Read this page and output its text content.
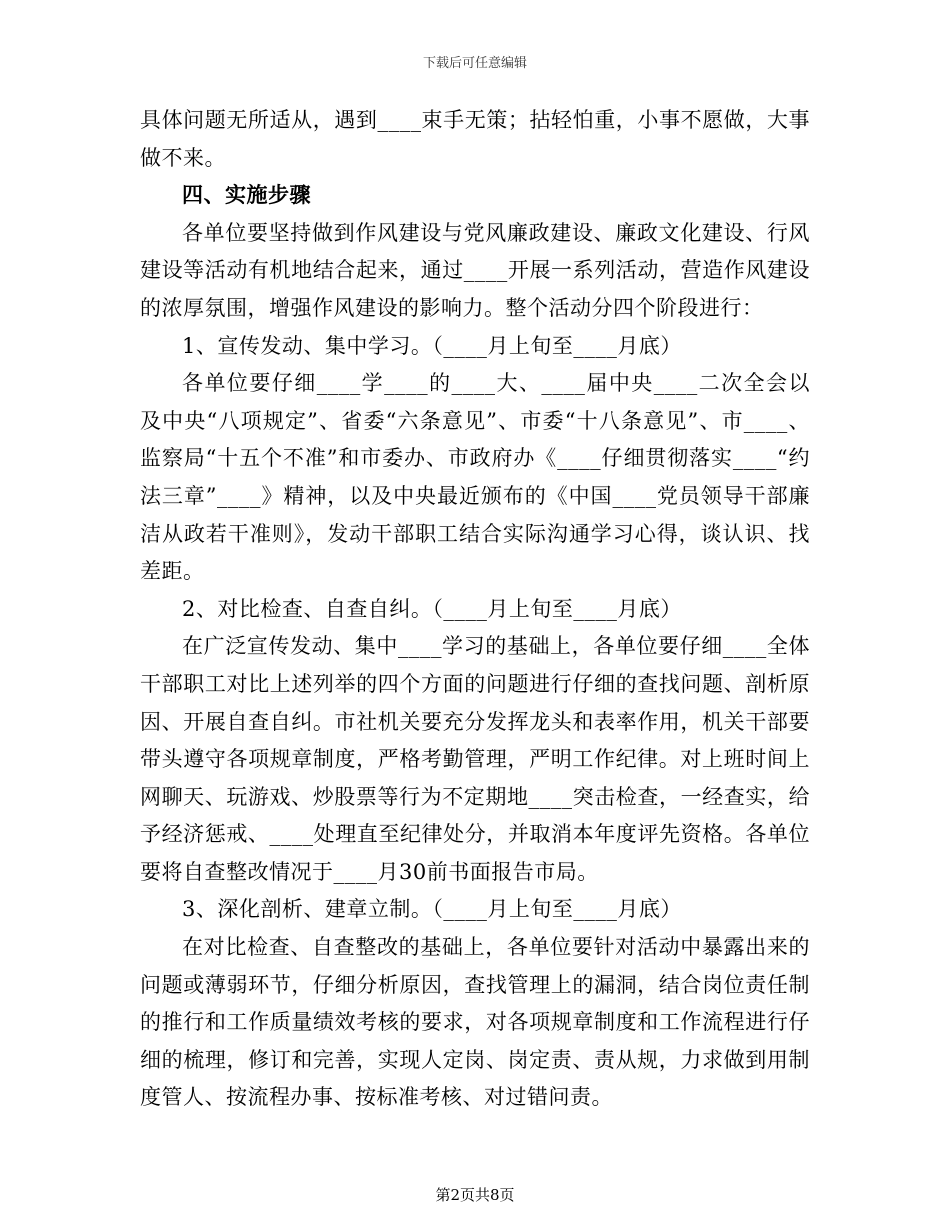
下载后可任意编辑

具体问题无所适从，遇到____束手无策；拈轻怕重，小事不愿做，大事做不来。

四、实施步骤

各单位要坚持做到作风建设与党风廉政建设、廉政文化建设、行风建设等活动有机地结合起来，通过____开展一系列活动，营造作风建设的浓厚氛围，增强作风建设的影响力。整个活动分四个阶段进行：

1、宣传发动、集中学习。（____月上旬至____月底）

各单位要仔细____学____的____大、____届中央____二次全会以及中央“八项规定”、省委“六条意见”、市委“十八条意见”、市____、监察局“十五个不准”和市委办、市政府办《____仔细贯彻落实____“约法三章”____》精神，以及中央最近颁布的《中国____党员领导干部廉洁从政若干准则》，发动干部职工结合实际沟通学习心得，谈认识、找差距。

2、对比检查、自查自纠。（____月上旬至____月底）

在广泛宣传发动、集中____学习的基础上，各单位要仔细____全体干部职工对比上述列举的四个方面的问题进行仔细的查找问题、剖析原因、开展自查自纠。市社机关要充分发挥龙头和表率作用，机关干部要带头遵守各项规章制度，严格考勤管理，严明工作纪律。对上班时间上网聊天、玩游戏、炒股票等行为不定期地____突击检查，一经查实，给予经济惩戒、____处理直至纪律处分，并取消本年度评先资格。各单位要将自查整改情况于____月30前书面报告市局。

3、深化剖析、建章立制。（____月上旬至____月底）

在对比检查、自查整改的基础上，各单位要针对活动中暴露出来的问题或薄弱环节，仔细分析原因，查找管理上的漏洞，结合岗位责任制的推行和工作质量绩效考核的要求，对各项规章制度和工作流程进行仔细的梳理，修订和完善，实现人定岗、岗定责、责从规，力求做到用制度管人、按流程办事、按标准考核、对过错问责。

第2页共8页
